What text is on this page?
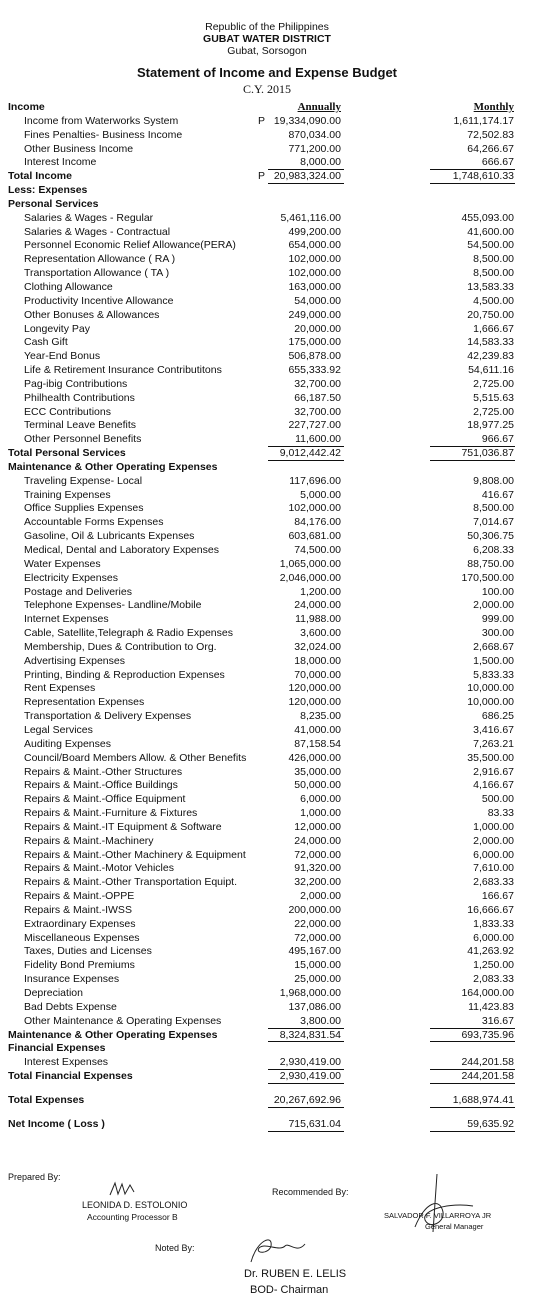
Republic of the Philippines
GUBAT WATER DISTRICT
Gubat, Sorsogon
Statement of Income and Expense Budget
C.Y. 2015
Income	Annually	Monthly
Income from Waterworks System	P 19,334,090.00	1,611,174.17
Fines Penalties- Business Income	870,034.00	72,502.83
Other Business Income	771,200.00	64,266.67
Interest Income	8,000.00	666.67
Total Income	P 20,983,324.00	1,748,610.33
Less: Expenses
Personal Services
Salaries & Wages - Regular	5,461,116.00	455,093.00
Salaries & Wages - Contractual	499,200.00	41,600.00
Personnel Economic Relief Allowance(PERA)	654,000.00	54,500.00
Representation Allowance ( RA )	102,000.00	8,500.00
Transportation Allowance ( TA )	102,000.00	8,500.00
Clothing Allowance	163,000.00	13,583.33
Productivity Incentive Allowance	54,000.00	4,500.00
Other Bonuses & Allowances	249,000.00	20,750.00
Longevity Pay	20,000.00	1,666.67
Cash Gift	175,000.00	14,583.33
Year-End Bonus	506,878.00	42,239.83
Life & Retirement Insurance Contributitons	655,333.92	54,611.16
Pag-ibig Contributions	32,700.00	2,725.00
Philhealth Contributions	66,187.50	5,515.63
ECC Contributions	32,700.00	2,725.00
Terminal Leave Benefits	227,727.00	18,977.25
Other Personnel Benefits	11,600.00	966.67
Total Personal Services	9,012,442.42	751,036.87
Maintenance & Other Operating Expenses
Traveling Expense- Local	117,696.00	9,808.00
Training Expenses	5,000.00	416.67
Office Supplies Expenses	102,000.00	8,500.00
Accountable Forms Expenses	84,176.00	7,014.67
Gasoline, Oil & Lubricants Expenses	603,681.00	50,306.75
Medical, Dental and Laboratory Expenses	74,500.00	6,208.33
Water Expenses	1,065,000.00	88,750.00
Electricity Expenses	2,046,000.00	170,500.00
Postage and Deliveries	1,200.00	100.00
Telephone Expenses- Landline/Mobile	24,000.00	2,000.00
Internet Expenses	11,988.00	999.00
Cable, Satellite,Telegraph & Radio Expenses	3,600.00	300.00
Membership, Dues & Contribution to Org.	32,024.00	2,668.67
Advertising Expenses	18,000.00	1,500.00
Printing, Binding & Reproduction Expenses	70,000.00	5,833.33
Rent Expenses	120,000.00	10,000.00
Representation Expenses	120,000.00	10,000.00
Transportation & Delivery Expenses	8,235.00	686.25
Legal Services	41,000.00	3,416.67
Auditing Expenses	87,158.54	7,263.21
Council/Board Members Allow. & Other Benefits	426,000.00	35,500.00
Repairs & Maint.-Other Structures	35,000.00	2,916.67
Repairs & Maint.-Office Buildings	50,000.00	4,166.67
Repairs & Maint.-Office Equipment	6,000.00	500.00
Repairs & Maint.-Furniture & Fixtures	1,000.00	83.33
Repairs & Maint.-IT Equipment & Software	12,000.00	1,000.00
Repairs & Maint.-Machinery	24,000.00	2,000.00
Repairs & Maint.-Other Machinery & Equipment	72,000.00	6,000.00
Repairs & Maint.-Motor Vehicles	91,320.00	7,610.00
Repairs & Maint.-Other Transportation Equipt.	32,200.00	2,683.33
Repairs & Maint.-OPPE	2,000.00	166.67
Repairs & Maint.-IWSS	200,000.00	16,666.67
Extraordinary Expenses	22,000.00	1,833.33
Miscellaneous Expenses	72,000.00	6,000.00
Taxes, Duties and Licenses	495,167.00	41,263.92
Fidelity Bond Premiums	15,000.00	1,250.00
Insurance Expenses	25,000.00	2,083.33
Depreciation	1,968,000.00	164,000.00
Bad Debts Expense	137,086.00	11,423.83
Other Maintenance & Operating Expenses	3,800.00	316.67
Maintenance & Other Operating Expenses	8,324,831.54	693,735.96
Financial Expenses
Interest Expenses	2,930,419.00	244,201.58
Total Financial Expenses	2,930,419.00	244,201.58
Total Expenses	20,267,692.96	1,688,974.41
Net Income ( Loss )	715,631.04	59,635.92
Prepared By:
LEONIDA D. ESTOLONIO
Accounting Processor B
Recommended By:
SALVADOR F. VILLARROYA JR
General Manager
Noted By:
Dr. RUBEN E. LELIS
BOD- Chairman
